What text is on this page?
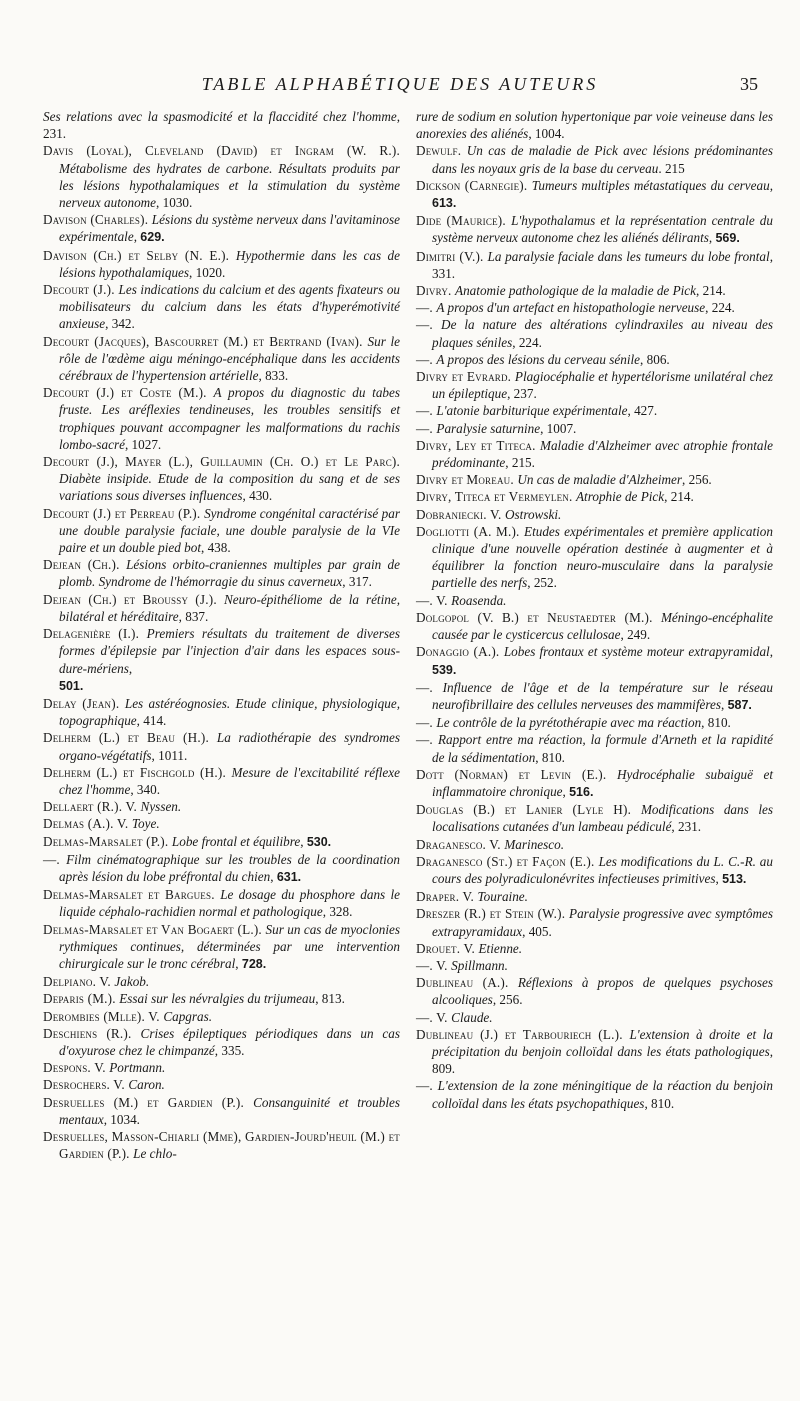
TABLE ALPHABÉTIQUE DES AUTEURS	35

Ses relations avec la spasmodicité et la flaccidité chez l'homme, 231.

Davis (Loyal), Cleveland (David) et Ingram (W. R.). Métabolisme des hydrates de carbone. Résultats produits par les lésions hypothalamiques et la stimulation du système nerveux autonome, 1030.

Davison (Charles). Lésions du système nerveux dans l'avitaminose expérimentale, 629.

Davison (Ch.) et Selby (N. E.). Hypothermie dans les cas de lésions hypothalamiques, 1020.

Decourt (J.). Les indications du calcium et des agents fixateurs ou mobilisateurs du calcium dans les états d'hyperémotivité anxieuse, 342.

Decourt (Jacques), Bascourret (M.) et Bertrand (Ivan). Sur le rôle de l'œdème aigu méningo-encéphalique dans les accidents cérébraux de l'hypertension artérielle, 833.

Decourt (J.) et Coste (M.). A propos du diagnostic du tabes fruste. Les aréflexies tendineuses, les troubles sensitifs et trophiques pouvant accompagner les malformations du rachis lombo-sacré, 1027.

Decourt (J.), Mayer (L.), Guillaumin (Ch. O.) et Le Parc). Diabète insipide. Etude de la composition du sang et de ses variations sous diverses influences, 430.

Decourt (J.) et Perreau (P.). Syndrome congénital caractérisé par une double paralysie faciale, une double paralysie de la VIe paire et un double pied bot, 438.

Dejean (Ch.). Lésions orbito-craniennes multiples par grain de plomb. Syndrome de l'hémorragie du sinus caverneux, 317.

Dejean (Ch.) et Broussy (J.). Neuro-épithéliome de la rétine, bilatéral et héréditaire, 837.

Delagenière (I.). Premiers résultats du traitement de diverses formes d'épilepsie par l'injection d'air dans les espaces sous-dure-mériens,
501.

Delay (Jean). Les astéréognosies. Etude clinique, physiologique, topographique, 414.

Delherm (L.) et Beau (H.). La radiothérapie des syndromes organo-végétatifs, 1011.

Delherm (L.) et Fischgold (H.). Mesure de l'excitabilité réflexe chez l'homme, 340.

Dellaert (R.). V. Nyssen.

Delmas (A.). V. Toye.

Delmas-Marsalet (P.). Lobe frontal et équilibre, 530.

—. Film cinématographique sur les troubles de la coordination après lésion du lobe préfrontal du chien, 631.

Delmas-Marsalet et Bargues. Le dosage du phosphore dans le liquide céphalo-rachidien normal et pathologique, 328.

Delmas-Marsalet et Van Bogaert (L.). Sur un cas de myoclonies rythmiques continues, déterminées par une intervention chirurgicale sur le tronc cérébral, 728.

Delpiano. V. Jakob.

Deparis (M.). Essai sur les névralgies du trijumeau, 813.

Derombies (Mlle). V. Capgras.

Deschiens (R.). Crises épileptiques périodiques dans un cas d'oxyurose chez le chimpanzé, 335.

Despons. V. Portmann.

Desrochers. V. Caron.

Desruelles (M.) et Gardien (P.). Consanguinité et troubles mentaux, 1034.

Desruelles, Masson-Chiarli (Mme), Gardien-Jourd'heuil (M.) et Gardien (P.). Le chlo-

rure de sodium en solution hypertonique par voie veineuse dans les anorexies des aliénés, 1004.

Dewulf. Un cas de maladie de Pick avec lésions prédominantes dans les noyaux gris de la base du cerveau. 215

Dickson (Carnegie). Tumeurs multiples métastatiques du cerveau, 613.

Dide (Maurice). L'hypothalamus et la représentation centrale du système nerveux autonome chez les aliénés délirants, 569.

Dimitri (V.). La paralysie faciale dans les tumeurs du lobe frontal, 331.

Divry. Anatomie pathologique de la maladie de Pick, 214.

—. A propos d'un artefact en histopathologie nerveuse, 224.

—. De la nature des altérations cylindraxiles au niveau des plaques séniles, 224.

—. A propos des lésions du cerveau sénile, 806.

Divry et Evrard. Plagiocéphalie et hypertélorisme unilatéral chez un épileptique, 237.

—. L'atonie barbiturique expérimentale, 427.

—. Paralysie saturnine, 1007.

Divry, Ley et Titeca. Maladie d'Alzheimer avec atrophie frontale prédominante, 215.

Divry et Moreau. Un cas de maladie d'Alzheimer, 256.

Divry, Titeca et Vermeylen. Atrophie de Pick, 214.

Dobraniecki. V. Ostrowski.

Dogliotti (A. M.). Etudes expérimentales et première application clinique d'une nouvelle opération destinée à augmenter et à équilibrer la fonction neuro-musculaire dans la paralysie partielle des nerfs, 252.

—. V. Roasenda.

Dolgopol (V. B.) et Neustaedter (M.). Méningo-encéphalite causée par le cysticercus cellulosae, 249.

Donaggio (A.). Lobes frontaux et système moteur extrapyramidal, 539.

—. Influence de l'âge et de la température sur le réseau neurofibrillaire des cellules nerveuses des mammifères, 587.

—. Le contrôle de la pyrétothérapie avec ma réaction, 810.

—. Rapport entre ma réaction, la formule d'Arneth et la rapidité de la sédimentation, 810.

Dott (Norman) et Levin (E.). Hydrocéphalie subaiguë et inflammatoire chronique, 516.

Douglas (B.) et Lanier (Lyle H). Modifications dans les localisations cutanées d'un lambeau pédiculé, 231.

Draganesco. V. Marinesco.

Draganesco (St.) et Façon (E.). Les modifications du L. C.-R. au cours des polyradiculonévrites infectieuses primitives, 513.

Draper. V. Touraine.

Dreszer (R.) et Stein (W.). Paralysie progressive avec symptômes extrapyramidaux, 405.

Drouet. V. Etienne.

—. V. Spillmann.

Dublineau (A.). Réflexions à propos de quelques psychoses alcooliques, 256.

—. V. Claude.

Dublineau (J.) et Tarbouriech (L.). L'extension à droite et la précipitation du benjoin colloïdal dans les états pathologiques, 809.

—. L'extension de la zone méningitique de la réaction du benjoin colloïdal dans les états psychopathiques, 810.
